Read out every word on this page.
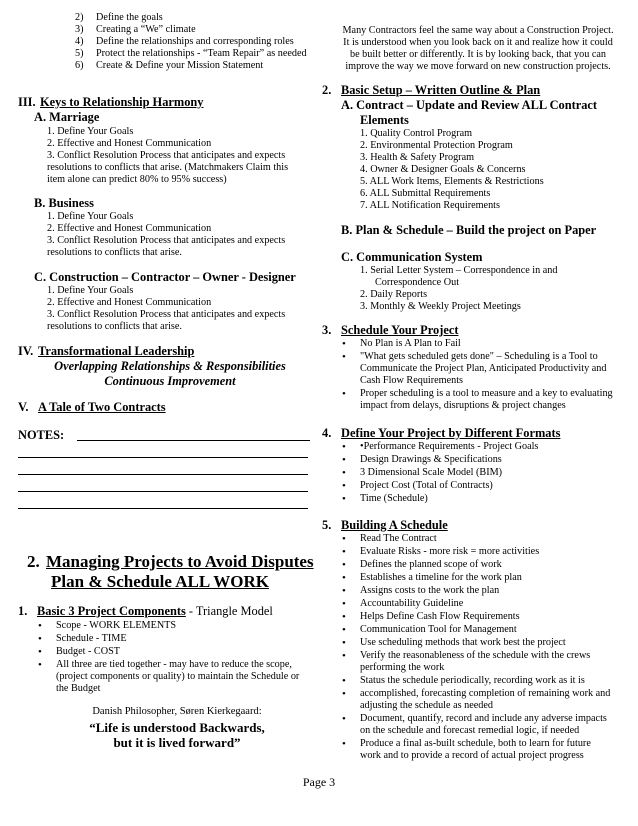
2) Define the goals
3) Creating a “We” climate
4) Define the relationships and corresponding roles
5) Protect the relationships - “Team Repair” as needed
6) Create & Define your Mission Statement
III. Keys to Relationship Harmony
A. Marriage
1. Define Your Goals
2. Effective and Honest Communication
3. Conflict Resolution Process that anticipates and expects
resolutions to conflicts that arise. (Matchmakers Claim this
item alone can predict 80% to 95% success)
B. Business
1. Define Your Goals
2. Effective and Honest Communication
3. Conflict Resolution Process that anticipates and expects
resolutions to conflicts that arise.
C. Construction – Contractor – Owner - Designer
1. Define Your Goals
2. Effective and Honest Communication
3. Conflict Resolution Process that anticipates and expects
resolutions to conflicts that arise.
IV. Transformational Leadership
Overlapping Relationships & Responsibilities
Continuous Improvement
V. A Tale of Two Contracts
NOTES:
2. Managing Projects to Avoid Disputes
Plan & Schedule ALL WORK
1. Basic 3 Project Components - Triangle Model
• Scope - WORK ELEMENTS
• Schedule - TIME
• Budget - COST
• All three are tied together - may have to reduce the scope,
(project components or quality) to maintain the Schedule or
the Budget
Danish Philosopher, Søren Kierkegaard:
“Life is understood Backwards,
but it is lived forward”
Many Contractors feel the same way about a Construction Project.
It is understood when you look back on it and realize how it could
be built better or differently. It is by looking back, that you can
improve the way we move forward on new construction projects.
2. Basic Setup – Written Outline & Plan
A. Contract – Update and Review ALL Contract
Elements
1. Quality Control Program
2. Environmental Protection Program
3. Health & Safety Program
4. Owner & Designer Goals & Concerns
5. ALL Work Items, Elements & Restrictions
6. ALL Submittal Requirements
7. ALL Notification Requirements
B. Plan & Schedule – Build the project on Paper
C. Communication System
1. Serial Letter System – Correspondence in and
Correspondence Out
2. Daily Reports
3. Monthly & Weekly Project Meetings
3. Schedule Your Project
• No Plan is A Plan to Fail
• "What gets scheduled gets done" – Scheduling is a Tool to
Communicate the Project Plan, Anticipated Productivity and
Cash Flow Requirements
• Proper scheduling is a tool to measure and a key to evaluating
impact from delays, disruptions & project changes
4. Define Your Project by Different Formats
• •Performance Requirements - Project Goals
• Design Drawings & Specifications
• 3 Dimensional Scale Model (BIM)
• Project Cost (Total of Contracts)
• Time (Schedule)
5. Building A Schedule
• Read The Contract
• Evaluate Risks - more risk = more activities
• Defines the planned scope of work
• Establishes a timeline for the work plan
• Assigns costs to the work the plan
• Accountability Guideline
• Helps Define Cash Flow Requirements
• Communication Tool for Management
• Use scheduling methods that work best the project
• Verify the reasonableness of the schedule with the crews
performing the work
• Status the schedule periodically, recording work as it is
• accomplished, forecasting completion of remaining work and
adjusting the schedule as needed
• Document, quantify, record and include any adverse impacts
on the schedule and forecast remedial logic, if needed
• Produce a final as-built schedule, both to learn for future
work and to provide a record of actual project progress
Page 3
